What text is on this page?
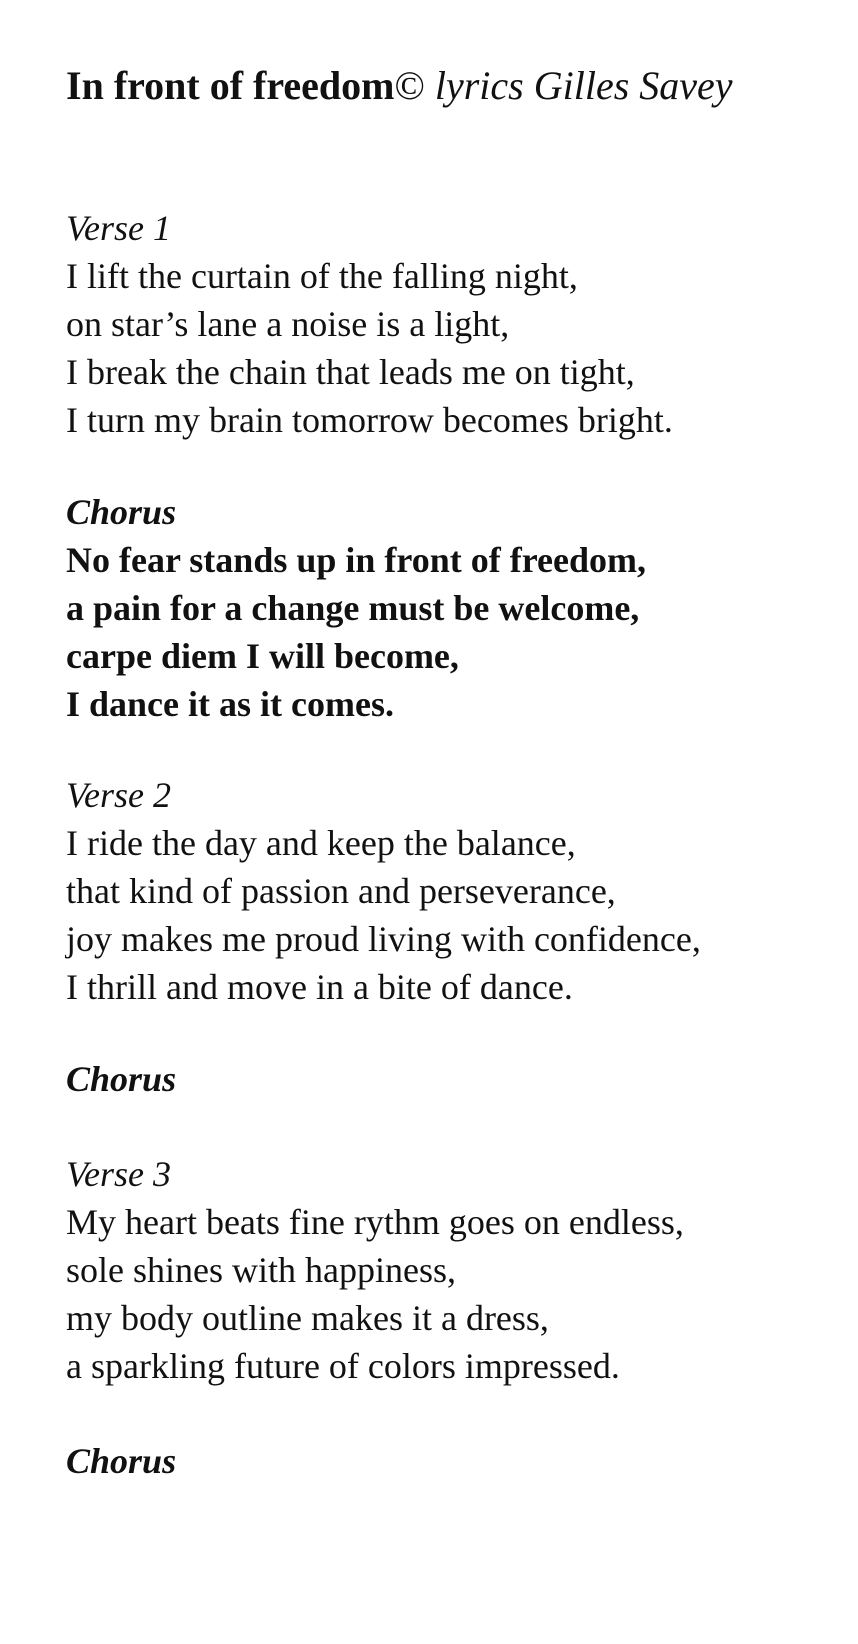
In front of freedom© lyrics Gilles Savey
Verse 1
I lift the curtain of the falling night,
on star’s lane a noise is a light,
I break the chain that leads me on tight,
I turn my brain tomorrow becomes bright.
Chorus
No fear stands up in front of freedom,
a pain for a change must be welcome,
carpe diem I will become,
I dance it as it comes.
Verse 2
I ride the day and keep the balance,
that kind of passion and perseverance,
joy makes me proud living with confidence,
I thrill and move in a bite of dance.
Chorus
Verse 3
My heart beats fine rythm goes on endless,
sole shines with happiness,
my body outline makes it a dress,
a sparkling future of colors impressed.
Chorus
